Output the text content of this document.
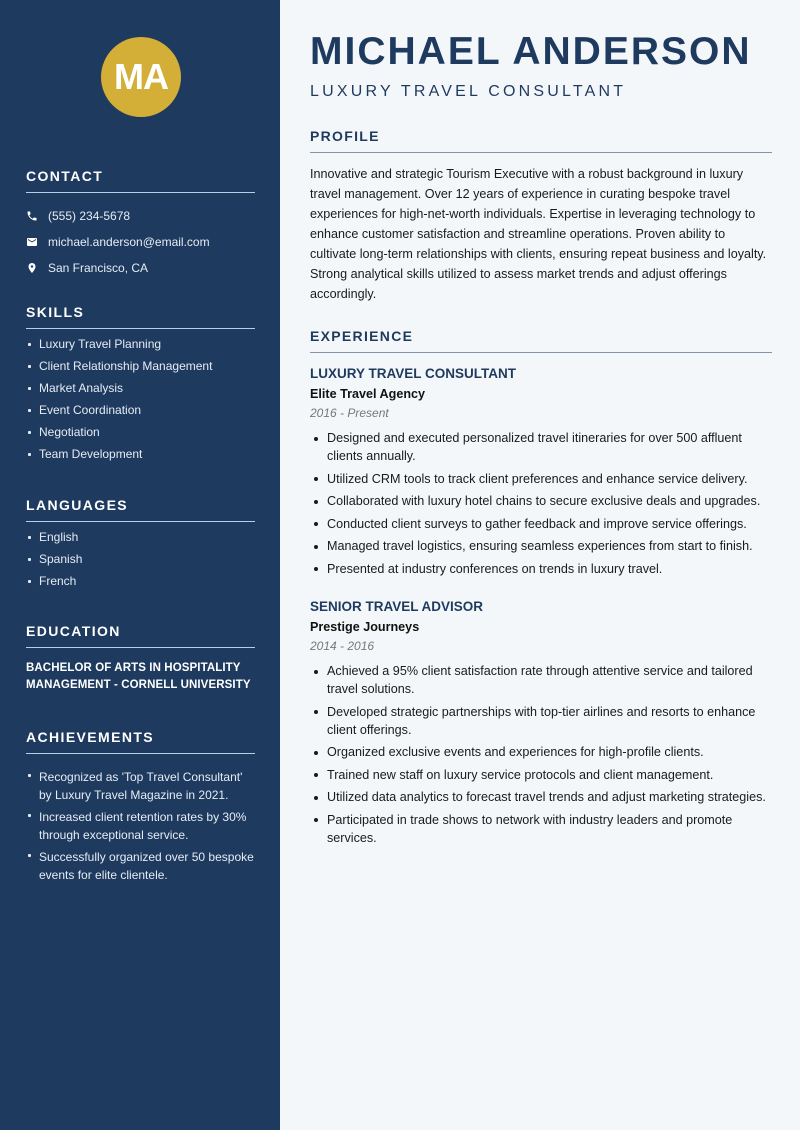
MA
CONTACT
(555) 234-5678
michael.anderson@email.com
San Francisco, CA
SKILLS
Luxury Travel Planning
Client Relationship Management
Market Analysis
Event Coordination
Negotiation
Team Development
LANGUAGES
English
Spanish
French
EDUCATION

BACHELOR OF ARTS IN HOSPITALITY MANAGEMENT - CORNELL UNIVERSITY

ACHIEVEMENTS
Recognized as 'Top Travel Consultant' by Luxury Travel Magazine in 2021.
Increased client retention rates by 30% through exceptional service.
Successfully organized over 50 bespoke events for elite clientele.
MICHAEL ANDERSON
LUXURY TRAVEL CONSULTANT
PROFILE

Innovative and strategic Tourism Executive with a robust background in luxury travel management. Over 12 years of experience in curating bespoke travel experiences for high-net-worth individuals. Expertise in leveraging technology to enhance customer satisfaction and streamline operations. Proven ability to cultivate long-term relationships with clients, ensuring repeat business and loyalty. Strong analytical skills utilized to assess market trends and adjust offerings accordingly.

EXPERIENCE
LUXURY TRAVEL CONSULTANT
Elite Travel Agency
2016 - Present
Designed and executed personalized travel itineraries for over 500 affluent clients annually.
Utilized CRM tools to track client preferences and enhance service delivery.
Collaborated with luxury hotel chains to secure exclusive deals and upgrades.
Conducted client surveys to gather feedback and improve service offerings.
Managed travel logistics, ensuring seamless experiences from start to finish.
Presented at industry conferences on trends in luxury travel.
SENIOR TRAVEL ADVISOR
Prestige Journeys
2014 - 2016
Achieved a 95% client satisfaction rate through attentive service and tailored travel solutions.
Developed strategic partnerships with top-tier airlines and resorts to enhance client offerings.
Organized exclusive events and experiences for high-profile clients.
Trained new staff on luxury service protocols and client management.
Utilized data analytics to forecast travel trends and adjust marketing strategies.
Participated in trade shows to network with industry leaders and promote services.
